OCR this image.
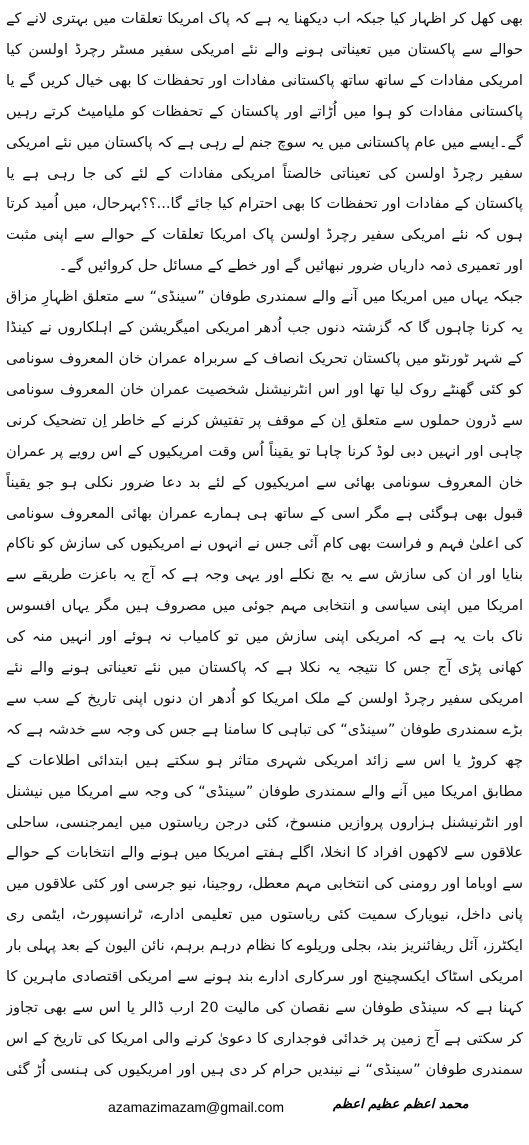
بھی کھل کر اظہار کیا جبکہ اب دیکھنا یہ ہے کہ پاک امریکا تعلقات میں بہتری لانے کے حوالے سے پاکستان میں تعیناتی ہونے والے نئے امریکی سفیر مسٹر رچرڈ اولسن کیا امریکی مفادات کے ساتھ ساتھ پاکستانی مفادات اور تحفظات کا بھی خیال کریں گے یا پاکستانی مفادات کو ہوا میں اُڑاتے اور پاکستان کے تحفظات کو ملیامیٹ کرتے رہیں گے۔ایسے میں عام پاکستانی میں یہ سوچ جنم لے رہی ہے کہ پاکستان میں نئے امریکی سفیر رچرڈ اولسن کی تعیناتی خالصتاً امریکی مفادات کے لئے کی جا رہی ہے یا پاکستان کے مفادات اور تحفظات کا بھی احترام کیا جائے گا...؟؟بہرحال، میں اُمید کرتا ہوں کہ نئے امریکی سفیر رچرڈ اولسن پاک امریکا تعلقات کے حوالے سے اپنی مثبت اور تعمیری ذمہ داریاں ضرور نبھائیں گے اور خطے کے مسائل حل کروائیں گے۔

جبکہ یہاں میں امریکا میں آنے والے سمندری طوفان ”سینڈی“ سے متعلق اظہارِ مزاق یہ کرنا چاہوں گا کہ گزشتہ دنوں جب اُدھر امریکی امیگریشن کے اہلکاروں نے کینڈا کے شہر ٹورنٹو میں پاکستان تحریک انصاف کے سربراہ عمران خان المعروف سونامی کو کئی گھنٹے روک لیا تھا اور اس انٹرنیشنل شخصیت عمران خان المعروف سونامی سے ڈرون حملوں سے متعلق اِن کے موقف پر تفتیش کرنے کے خاطر اِن تضحیک کرنی چاہی اور انہیں دبی لوڈ کرنا چاہا تو یقیناً اُس وقت امریکیوں کے اس رویے پر عمران خان المعروف سونامی بھائی سے امریکیوں کے لئے بد دعا ضرور نکلی ہو جو یقیناً قبول بھی ہوگئی ہے مگر اسی کے ساتھ ہی ہمارے عمران بھائی المعروف سونامی کی اعلیٰ فہم و فراست بھی کام آئی جس نے انہوں نے امریکیوں کی سازش کو ناکام بنایا اور ان کی سازش سے یہ بچ نکلے اور یہی وجہ ہے کہ آج یہ باعزت طریقے سے امریکا میں اپنی سیاسی و انتخابی مہم جوئی میں مصروف ہیں مگر یہاں افسوس ناک بات یہ ہے کہ امریکی اپنی سازش میں تو کامیاب نہ ہوئے اور انہیں منہ کی کھانی پڑی آج جس کا نتیجہ یہ نکلا ہے کہ پاکستان میں نئے تعیناتی ہونے والے نئے امریکی سفیر رچرڈ اولسن کے ملک امریکا کو اُدھر ان دنوں اپنی تاریخ کے سب سے بڑے سمندری طوفان ”سینڈی“ کی تباہی کا سامنا ہے جس کی وجہ سے خدشہ ہے کہ چھ کروڑ یا اس سے زائد امریکی شہری متاثر ہو سکتے ہیں ابتدائی اطلاعات کے مطابق امریکا میں آنے والے سمندری طوفان ”سینڈی“ کی وجہ سے امریکا میں نیشنل اور انٹرنیشنل ہزاروں پروازیں منسوخ، کئی درجن ریاستوں میں ایمرجنسی، ساحلی علاقوں سے لاکھوں افراد کا انخلا، اگلے ہفتے امریکا میں ہونے والے انتخابات کے حوالے سے اوباما اور رومنی کی انتخابی مہم معطل، روجینا، نیو جرسی اور کئی علاقوں میں پانی داخل، نیویارک سمیت کئی ریاستوں میں تعلیمی ادارے، ٹرانسپورٹ، ایٹمی ری ایکٹرز، آئل ریفائنریز بند، بجلی وریلوے کا نظام درہم برہم، نائن الیون کے بعد پہلی بار امریکی اسٹاک ایکسچینج اور سرکاری ادارے بند ہونے سے امریکی اقتصادی ماہرین کا کہنا ہے کہ سینڈی طوفان سے نقصان کی مالیت 20 ارب ڈالر یا اس سے بھی تجاوز کر سکتی ہے آج زمین پر خدائی فوجداری کا دعویٰ کرنے والی امریکا کی تاریخ کے اس سمندری طوفان ”سینڈی“ نے نیندیں حرام کر دی ہیں اور امریکیوں کی ہنسی اُڑ گئی

azamazimazam@gmail.com	محمد اعظم عظیم اعظم
